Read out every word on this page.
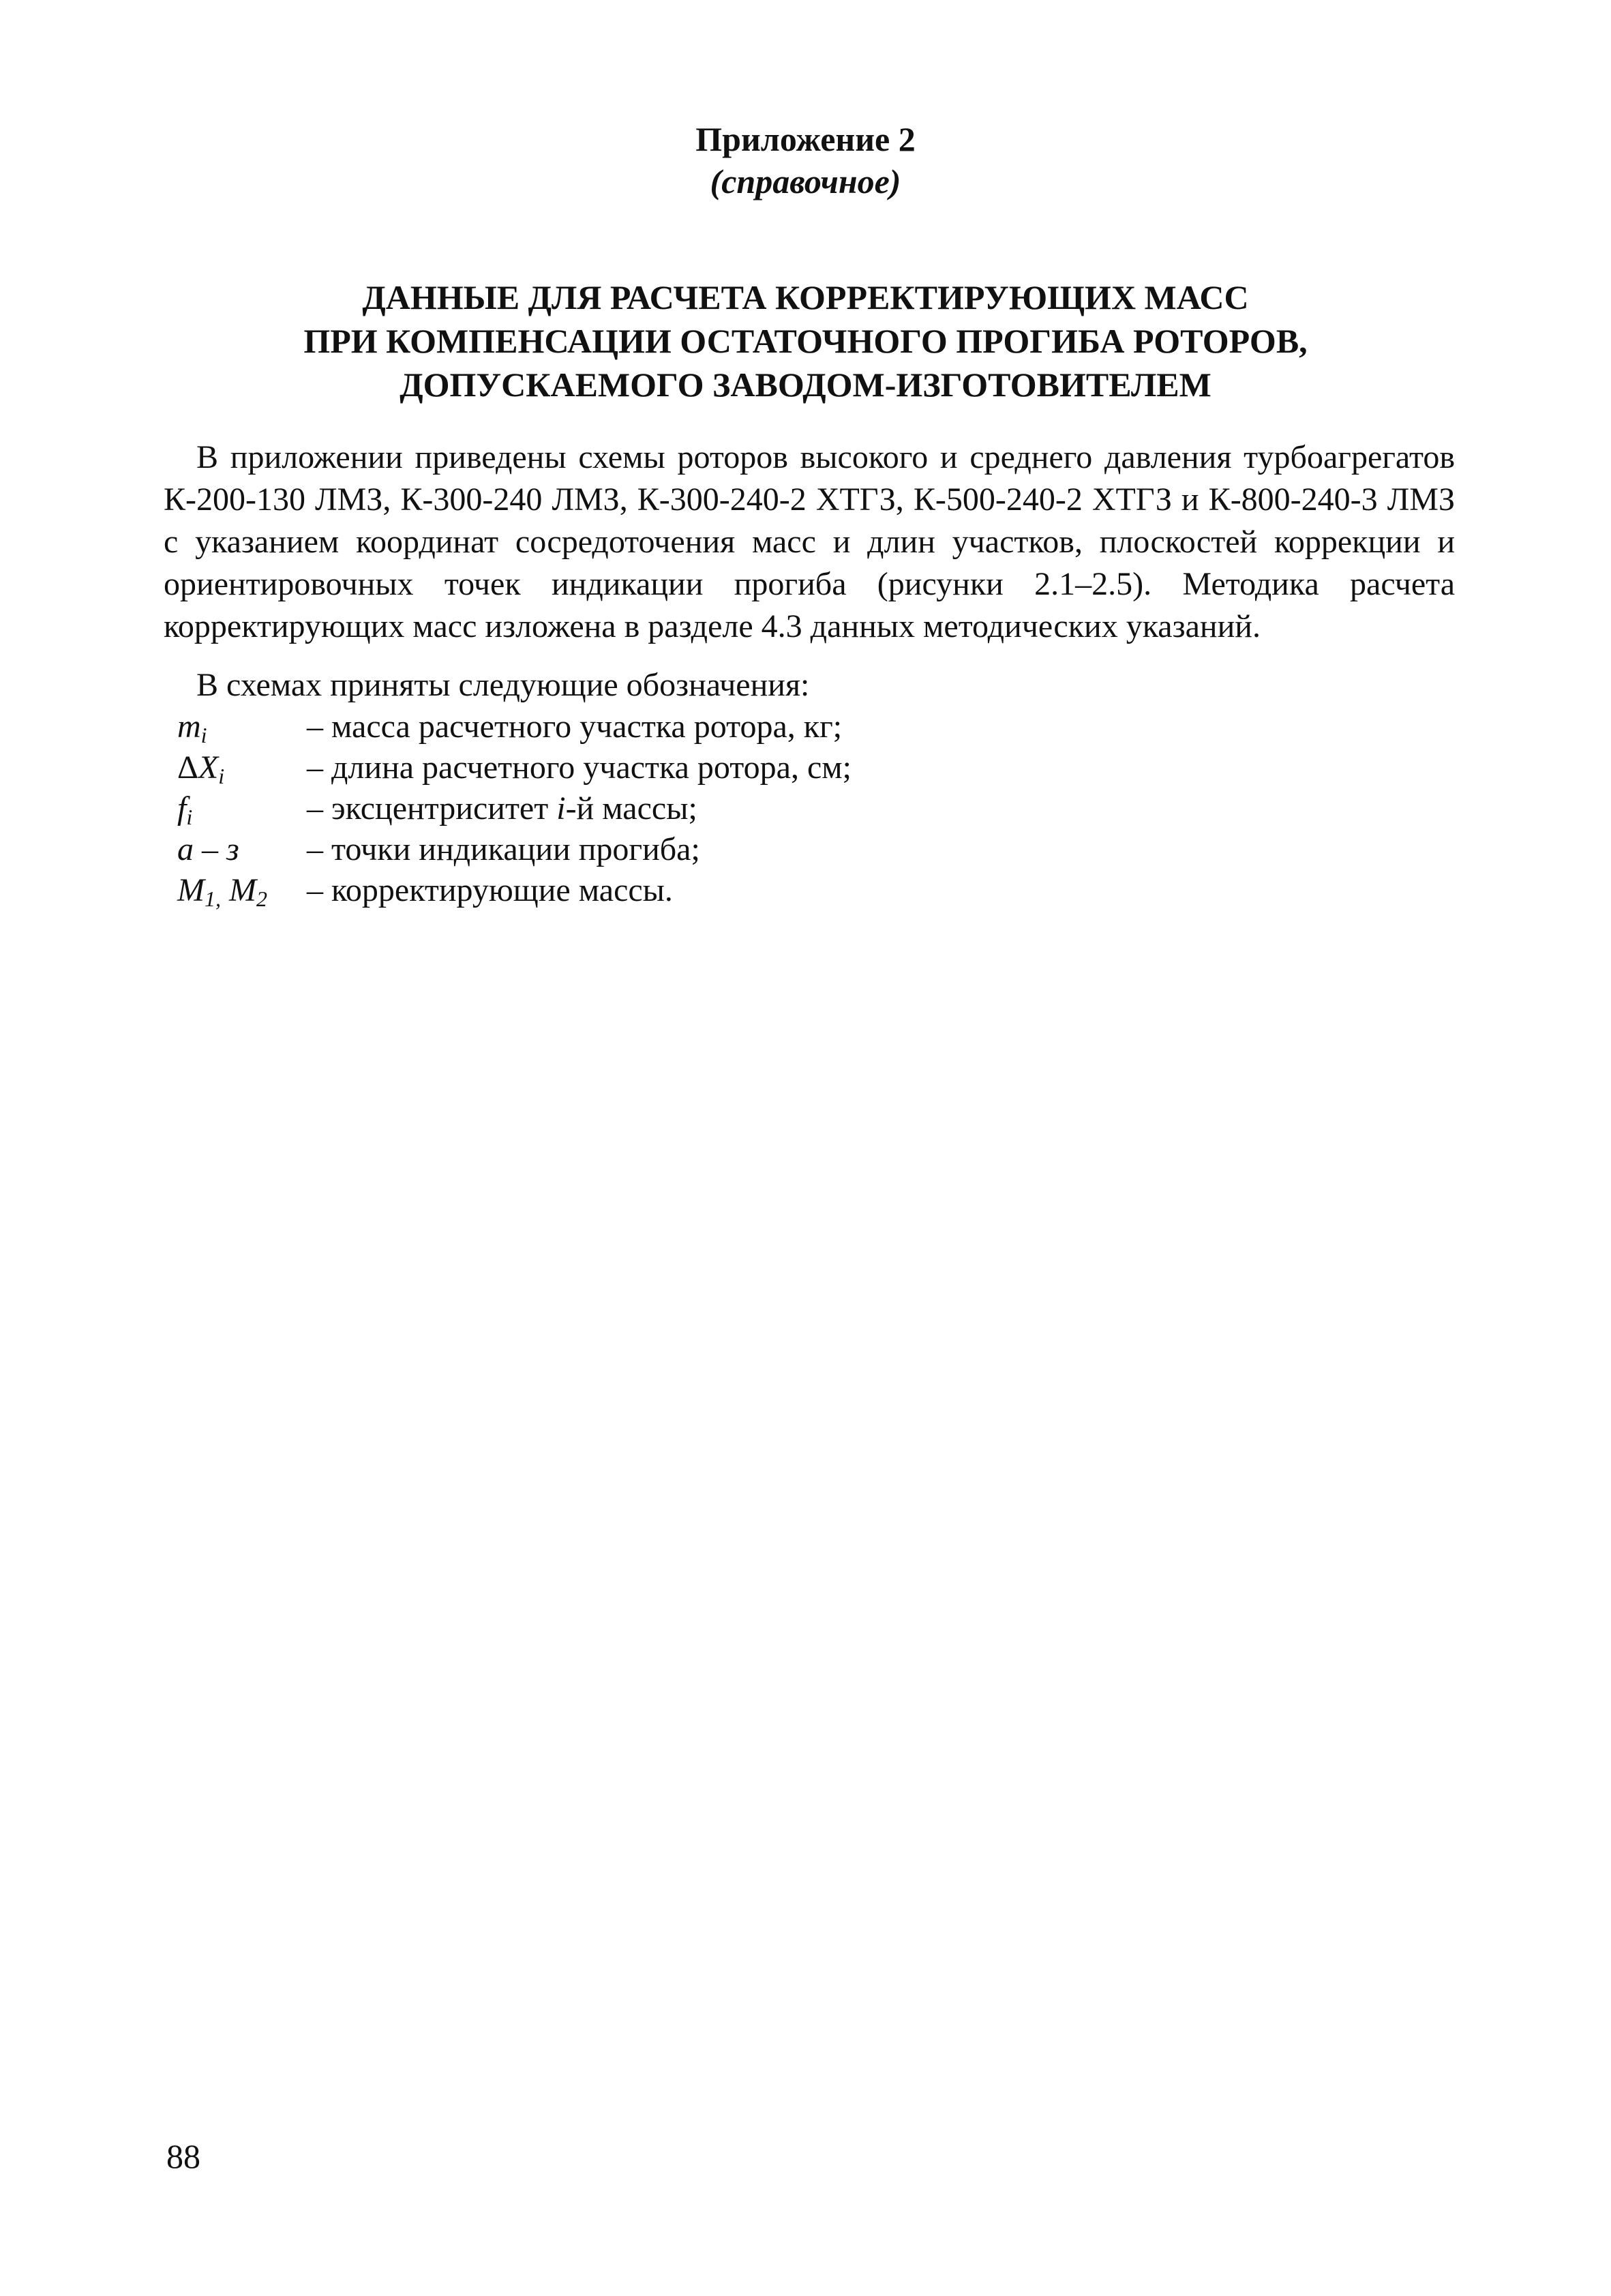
Приложение 2
(справочное)
ДАННЫЕ ДЛЯ РАСЧЕТА КОРРЕКТИРУЮЩИХ МАСС
ПРИ КОМПЕНСАЦИИ ОСТАТОЧНОГО ПРОГИБА РОТОРОВ,
ДОПУСКАЕМОГО ЗАВОДОМ-ИЗГОТОВИТЕЛЕМ

В приложении приведены схемы роторов высокого и среднего давления турбоагрегатов К-200-130 ЛМЗ, К-300-240 ЛМЗ, К-300-240-2 ХТГЗ, К-500-240-2 ХТГЗ и К-800-240-3 ЛМЗ с указанием координат сосредоточения масс и длин участков, плоскостей коррекции и ориентировочных точек индикации прогиба (рисунки 2.1–2.5). Методика расчета корректирующих масс изложена в разделе 4.3 данных методических указаний.

В схемах приняты следующие обозначения:
$m_i$	– масса расчетного участка ротора, кг;
$\Delta X_i$	– длина расчетного участка ротора, см;
$f_i$	– эксцентриситет i-й массы;
а – з	– точки индикации прогиба;
$M_{1,}$ $M_2$	– корректирующие массы.
88
